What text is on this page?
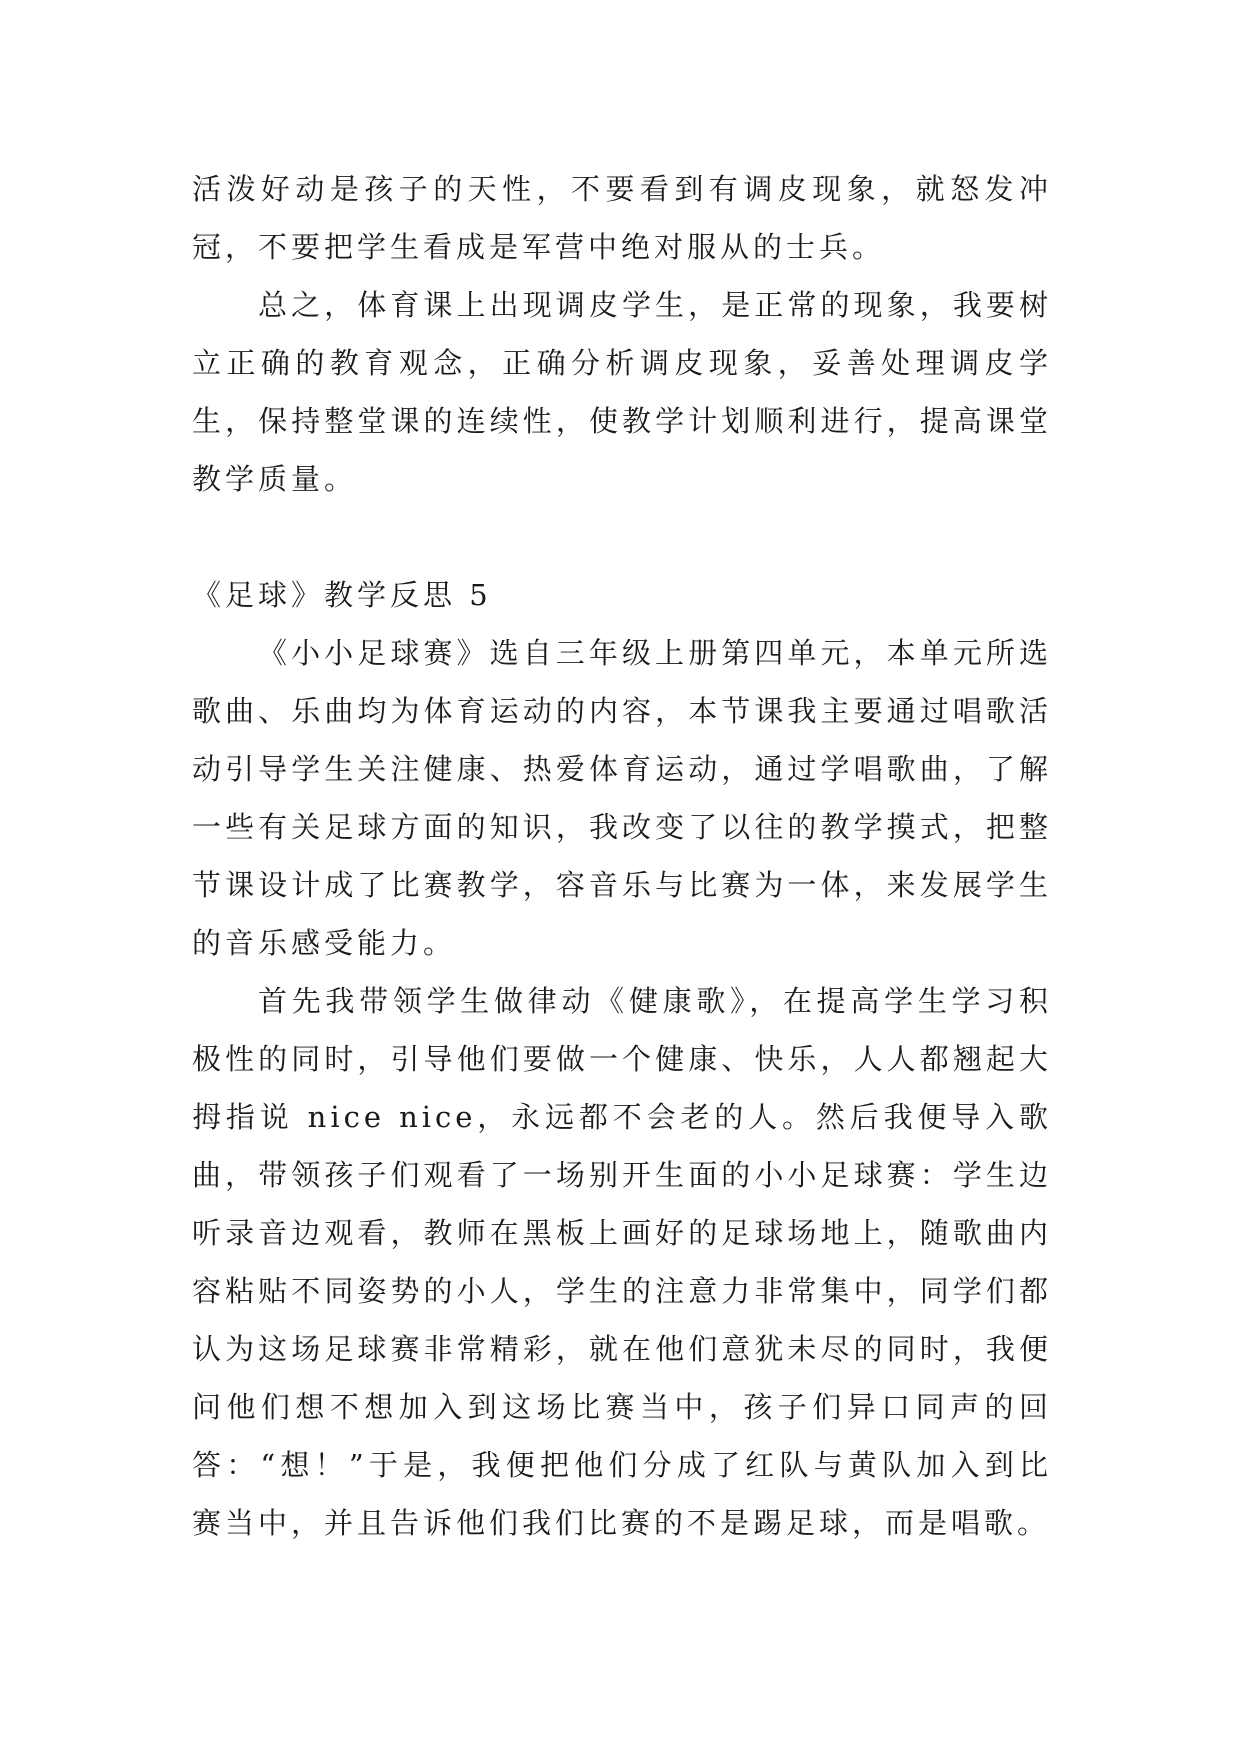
活泼好动是孩子的天性，不要看到有调皮现象，就怒发冲冠，不要把学生看成是军营中绝对服从的士兵。

总之，体育课上出现调皮学生，是正常的现象，我要树立正确的教育观念，正确分析调皮现象，妥善处理调皮学生，保持整堂课的连续性，使教学计划顺利进行，提高课堂教学质量。

《足球》教学反思 5

《小小足球赛》选自三年级上册第四单元，本单元所选歌曲、乐曲均为体育运动的内容，本节课我主要通过唱歌活动引导学生关注健康、热爱体育运动，通过学唱歌曲，了解一些有关足球方面的知识，我改变了以往的教学摸式，把整节课设计成了比赛教学，容音乐与比赛为一体，来发展学生的音乐感受能力。

首先我带领学生做律动《健康歌》，在提高学生学习积极性的同时，引导他们要做一个健康、快乐，人人都翘起大拇指说 nice nice，永远都不会老的人。然后我便导入歌曲，带领孩子们观看了一场别开生面的小小足球赛：学生边听录音边观看，教师在黑板上画好的足球场地上，随歌曲内容粘贴不同姿势的小人，学生的注意力非常集中，同学们都认为这场足球赛非常精彩，就在他们意犹未尽的同时，我便问他们想不想加入到这场比赛当中，孩子们异口同声的回答：“想！”于是，我便把他们分成了红队与黄队加入到比赛当中，并且告诉他们我们比赛的不是踢足球，而是唱歌。
